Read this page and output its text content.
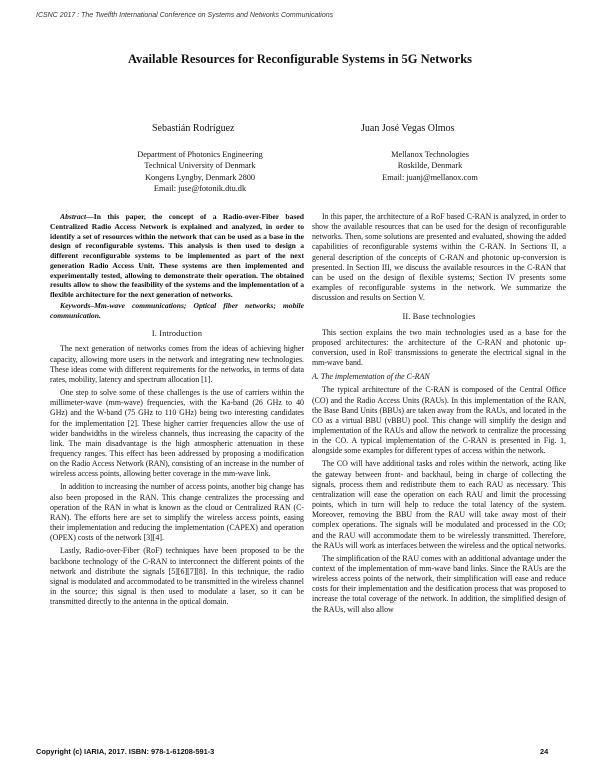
ICSNC 2017 : The Twelfth International Conference on Systems and Networks Communications
Available Resources for Reconfigurable Systems in 5G Networks
Sebastián Rodríguez	Juan José Vegas Olmos
Department of Photonics Engineering
Technical University of Denmark
Kongens Lyngby, Denmark 2800
Email: juse@fotonik.dtu.dk
Mellanox Technologies
Roskilde, Denmark
Email: juanj@mellanox.com

Abstract—In this paper, the concept of a Radio-over-Fiber based Centralized Radio Access Network is explained and analyzed, in order to identify a set of resources within the network that can be used as a base in the design of reconfigurable systems. This analysis is then used to design a different reconfigurable systems to be implemented as part of the next generation Radio Access Unit. These systems are then implemented and experimentally tested, allowing to demonstrate their operation. The obtained results allow to show the feasibility of the systems and the implementation of a flexible architecture for the next generation of networks.

Keywords–Mm-wave communications; Optical fiber networks; mobile communication.

I. Introduction

The next generation of networks comes from the ideas of achieving higher capacity, allowing more users in the network and integrating new technologies. These ideas come with different requirements for the networks, in terms of data rates, mobility, latency and spectrum allocation [1].

One step to solve some of these challenges is the use of carriers within the millimeter-wave (mm-wave) frequencies, with the Ka-band (26 GHz to 40 GHz) and the W-band (75 GHz to 110 GHz) being two interesting candidates for the implementation [2]. These higher carrier frequencies allow the use of wider bandwidths in the wireless channels, thus increasing the capacity of the link. The main disadvantage is the high atmospheric attenuation in these frequency ranges. This effect has been addressed by proposing a modification on the Radio Access Network (RAN), consisting of an increase in the number of wireless access points, allowing better coverage in the mm-wave link.

In addition to increasing the number of access points, another big change has also been proposed in the RAN. This change centralizes the processing and operation of the RAN in what is known as the cloud or Centralized RAN (C-RAN). The efforts here are set to simplify the wireless access points, easing their implementation and reducing the implementation (CAPEX) and operation (OPEX) costs of the network [3][4].

Lastly, Radio-over-Fiber (RoF) techniques have been proposed to be the backbone technology of the C-RAN to interconnect the different points of the network and distribute the signals [5][6][7][8]. In this technique, the radio signal is modulated and accommodated to be transmitted in the wireless channel in the source; this signal is then used to modulate a laser, so it can be transmitted directly to the antenna in the optical domain.

In this paper, the architecture of a RoF based C-RAN is analyzed, in order to show the available resources that can be used for the design of reconfigurable networks. Then, some solutions are presented and evaluated, showing the added capabilities of reconfigurable systems within the C-RAN. In Sections II, a general description of the concepts of C-RAN and photonic up-conversion is presented. In Section III, we discuss the available resources in the C-RAN that can be used on the design of flexible systems; Section IV presents some examples of reconfigurable systems in the network. We summarize the discussion and results on Section V.

II. Base technologies

This section explains the two main technologies used as a base for the proposed architectures: the architecture of the C-RAN and photonic up-conversion, used in RoF transmissions to generate the electrical signal in the mm-wave band.

A. The implementation of the C-RAN

The typical architecture of the C-RAN is composed of the Central Office (CO) and the Radio Access Units (RAUs). In this implementation of the RAN, the Base Band Units (BBUs) are taken away from the RAUs, and located in the CO as a virtual BBU (vBBU) pool. This change will simplify the design and implementation of the RAUs and allow the network to centralize the processing in the CO. A typical implementation of the C-RAN is presented in Fig. 1, alongside some examples for different types of access within the network.

The CO will have additional tasks and roles within the network, acting like the gateway between front- and backhaul, being in charge of collecting the signals, process them and redistribute them to each RAU as necessary. This centralization will ease the operation on each RAU and limit the processing points, which in turn will help to reduce the total latency of the system. Moreover, removing the BBU from the RAU will take away most of their complex operations. The signals will be modulated and processed in the CO; and the RAU will accommodate them to be wirelessly transmitted. Therefore, the RAUs will work as interfaces between the wireless and the optical networks.

The simplification of the RAU comes with an additional advantage under the context of the implementation of mm-wave band links. Since the RAUs are the wireless access points of the network, their simplification will ease and reduce costs for their implementation and the desification process that was proposed to increase the total coverage of the network. In addition, the simplified design of the RAUs, will also allow

Copyright (c) IARIA, 2017. ISBN: 978-1-61208-591-3	24
